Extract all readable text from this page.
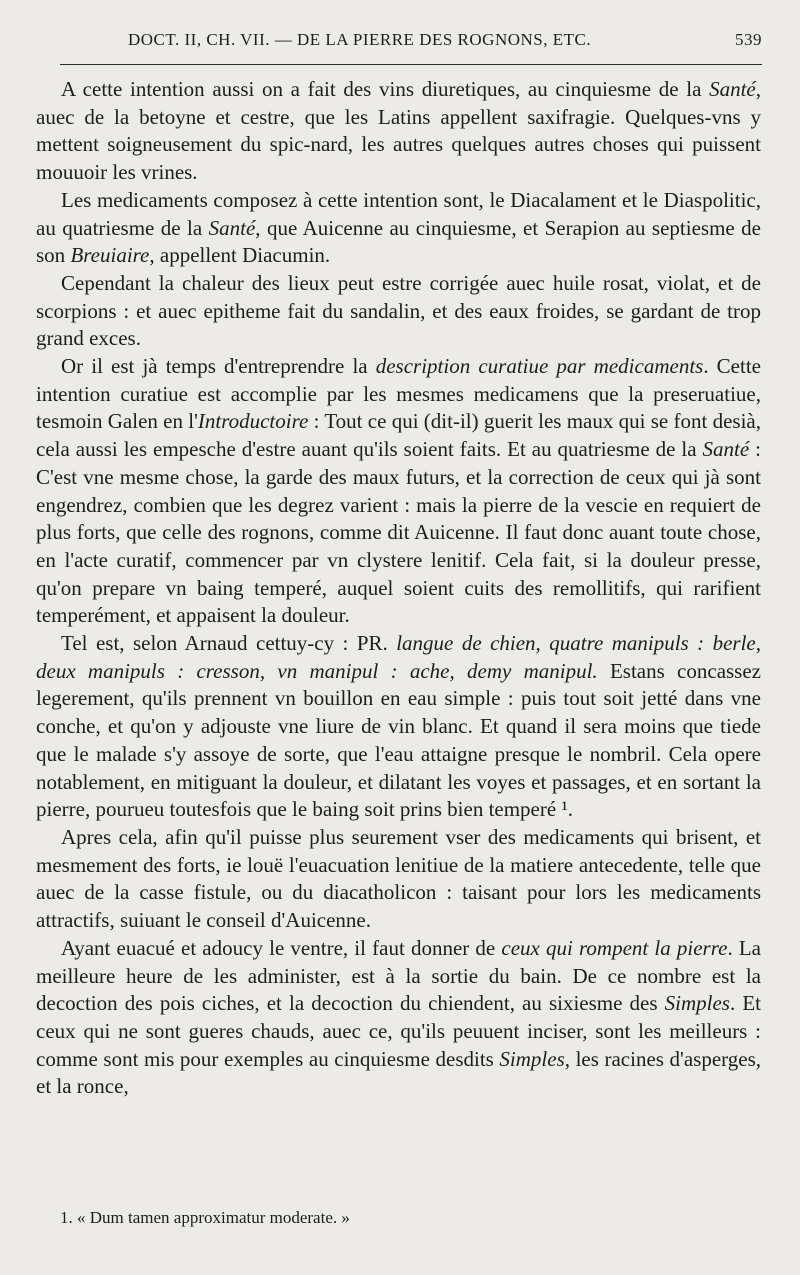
DOCT. II, CH. VII. — DE LA PIERRE DES ROGNONS, ETC.	539

A cette intention aussi on a fait des vins diuretiques, au cinquiesme de la Santé, auec de la betoyne et cestre, que les Latins appellent saxifragie. Quelques-vns y mettent soigneusement du spic-nard, les autres quelques autres choses qui puissent mouuoir les vrines.

Les medicaments composez à cette intention sont, le Diacalament et le Diaspolitic, au quatriesme de la Santé, que Auicenne au cinquiesme, et Serapion au septiesme de son Breuiaire, appellent Diacumin.

Cependant la chaleur des lieux peut estre corrigée auec huile rosat, violat, et de scorpions : et auec epitheme fait du sandalin, et des eaux froides, se gardant de trop grand exces.

Or il est jà temps d'entreprendre la description curatiue par medicaments. Cette intention curatiue est accomplie par les mesmes medicamens que la preseruatiue, tesmoin Galen en l'Introductoire : Tout ce qui (dit-il) guerit les maux qui se font desià, cela aussi les empesche d'estre auant qu'ils soient faits. Et au quatriesme de la Santé : C'est vne mesme chose, la garde des maux futurs, et la correction de ceux qui jà sont engendrez, combien que les degrez varient : mais la pierre de la vescie en requiert de plus forts, que celle des rognons, comme dit Auicenne. Il faut donc auant toute chose, en l'acte curatif, commencer par vn clystere lenitif. Cela fait, si la douleur presse, qu'on prepare vn baing temperé, auquel soient cuits des remollitifs, qui rarifient temperément, et appaisent la douleur.

Tel est, selon Arnaud cettuy-cy : PR. langue de chien, quatre manipuls : berle, deux manipuls : cresson, vn manipul : ache, demy manipul. Estans concassez legerement, qu'ils prennent vn bouillon en eau simple : puis tout soit jetté dans vne conche, et qu'on y adjouste vne liure de vin blanc. Et quand il sera moins que tiede que le malade s'y assoye de sorte, que l'eau attaigne presque le nombril. Cela opere notablement, en mitiguant la douleur, et dilatant les voyes et passages, et en sortant la pierre, pourueu toutesfois que le baing soit prins bien temperé ¹.

Apres cela, afin qu'il puisse plus seurement vser des medicaments qui brisent, et mesmement des forts, ie louë l'euacuation lenitiue de la matiere antecedente, telle que auec de la casse fistule, ou du diacatholicon : taisant pour lors les medicaments attractifs, suiuant le conseil d'Auicenne.

Ayant euacué et adoucy le ventre, il faut donner de ceux qui rompent la pierre. La meilleure heure de les administer, est à la sortie du bain. De ce nombre est la decoction des pois ciches, et la decoction du chiendent, au sixiesme des Simples. Et ceux qui ne sont gueres chauds, auec ce, qu'ils peuuent inciser, sont les meilleurs : comme sont mis pour exemples au cinquiesme desdits Simples, les racines d'asperges, et la ronce,

1. « Dum tamen approximatur moderate. »
